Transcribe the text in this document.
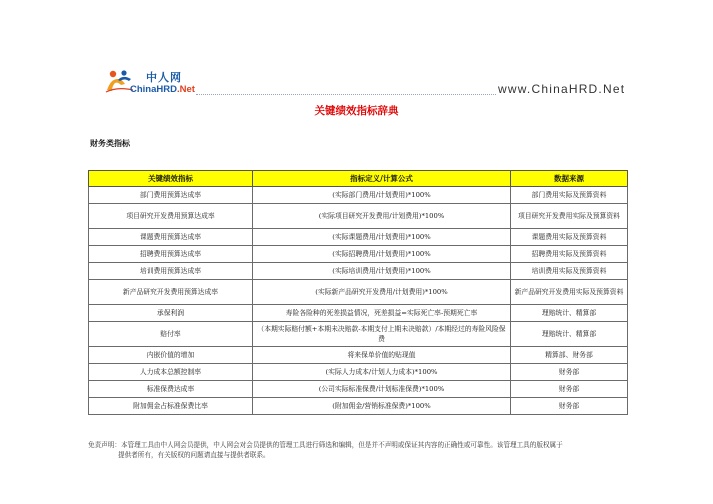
中人网
ChinaHRD.Net	www.ChinaHRD.Net
关键绩效指标辞典
财务类指标
关键绩效指标	指标定义/计算公式	数据来源
部门费用预算达成率	(实际部门费用/计划费用)*100%	部门费用实际及预算资料
项目研究开发费用预算达成率	(实际项目研究开发费用/计划费用)*100%	项目研究开发费用实际及预算资料
课题费用预算达成率	(实际课题费用/计划费用)*100%	课题费用实际及预算资料
招聘费用预算达成率	(实际招聘费用/计划费用)*100%	招聘费用实际及预算资料
培训费用预算达成率	(实际培训费用/计划费用)*100%	培训费用实际及预算资料
新产品研究开发费用预算达成率	(实际新产品研究开发费用/计划费用)*100%	新产品研究开发费用实际及预算资料
承保利润	寿险各险种的死差损益情况，死差损益=实际死亡率-预期死亡率	理赔统计、精算部
赔付率	（本期实际赔付额+本期未决赔款-本期支付上期未决赔款）/本期经过的寿险风险保费	理赔统计、精算部
内嵌价值的增加	将来保单价值的贴现值	精算部、财务部
人力成本总额控制率	(实际人力成本/计划人力成本)*100%	财务部
标准保费达成率	(公司实际标准保费/计划标准保费)*100%	财务部
附加佣金占标准保费比率	(附加佣金/营销标准保费)*100%	财务部
免责声明：本管理工具由中人网会员提供，中人网会对会员提供的管理工具进行筛选和编辑，但是并不声明或保证其内容的正确性或可靠性。该管理工具的版权属于
提供者所有，有关版权的问题请直接与提供者联系。
